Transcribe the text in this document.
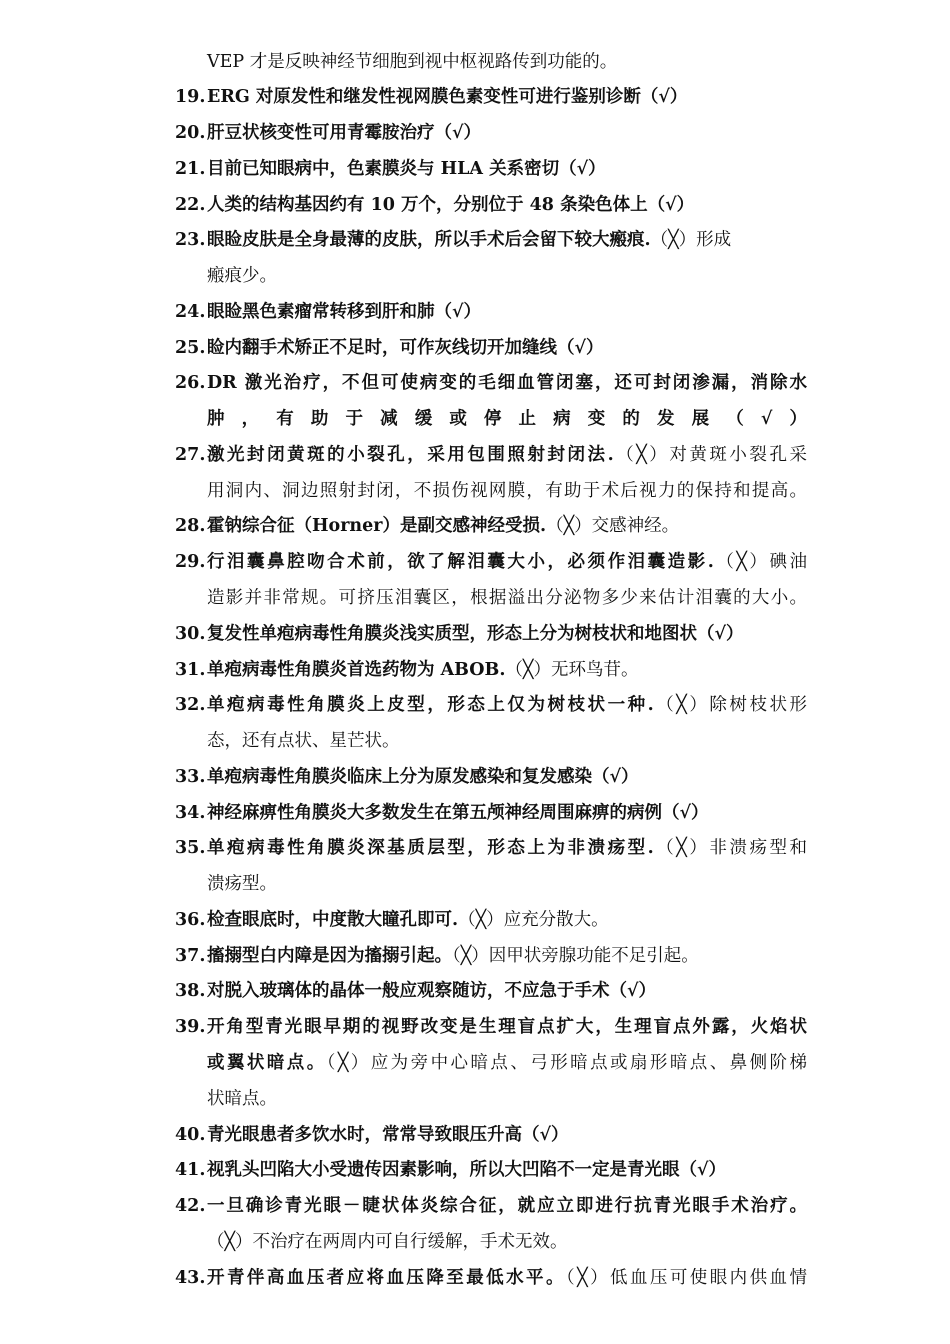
VEP 才是反映神经节细胞到视中枢视路传到功能的。
19. ERG 对原发性和继发性视网膜色素变性可进行鉴别诊断（√）
20. 肝豆状核变性可用青霉胺治疗（√）
21. 目前已知眼病中，色素膜炎与 HLA 关系密切（√）
22. 人类的结构基因约有 10 万个，分别位于 48 条染色体上（√）
23. 眼睑皮肤是全身最薄的皮肤，所以手术后会留下较大瘢痕.（╳）形成
瘢痕少。
24. 眼睑黑色素瘤常转移到肝和肺（√）
25. 睑内翻手术矫正不足时，可作灰线切开加缝线（√）
26. DR 激光治疗，不但可使病变的毛细血管闭塞，还可封闭渗漏，消除水
肿，有助于减缓或停止病变的发展（√）
27. 激光封闭黄斑的小裂孔，采用包围照射封闭法.（╳）对黄斑小裂孔采
用洞内、洞边照射封闭，不损伤视网膜，有助于术后视力的保持和提高。
28. 霍钠综合征（Horner）是副交感神经受损.（╳）交感神经。
29. 行泪囊鼻腔吻合术前，欲了解泪囊大小，必须作泪囊造影.（╳）碘油
造影并非常规。可挤压泪囊区，根据溢出分泌物多少来估计泪囊的大小。
30. 复发性单疱病毒性角膜炎浅实质型，形态上分为树枝状和地图状（√）
31. 单疱病毒性角膜炎首选药物为 ABOB.（╳）无环鸟苷。
32. 单疱病毒性角膜炎上皮型，形态上仅为树枝状一种.（╳）除树枝状形
态，还有点状、星芒状。
33. 单疱病毒性角膜炎临床上分为原发感染和复发感染（√）
34. 神经麻痹性角膜炎大多数发生在第五颅神经周围麻痹的病例（√）
35. 单疱病毒性角膜炎深基质层型，形态上为非溃疡型.（╳）非溃疡型和
溃疡型。
36. 检查眼底时，中度散大瞳孔即可.（╳）应充分散大。
37. 搐搦型白内障是因为搐搦引起。（╳）因甲状旁腺功能不足引起。
38. 对脱入玻璃体的晶体一般应观察随访，不应急于手术（√）
39. 开角型青光眼早期的视野改变是生理盲点扩大，生理盲点外露，火焰状
或翼状暗点。（╳）应为旁中心暗点、弓形暗点或扇形暗点、鼻侧阶梯
状暗点。
40. 青光眼患者多饮水时，常常导致眼压升高（√）
41. 视乳头凹陷大小受遗传因素影响，所以大凹陷不一定是青光眼（√）
42. 一旦确诊青光眼－睫状体炎综合征，就应立即进行抗青光眼手术治疗。
（╳）不治疗在两周内可自行缓解，手术无效。
43. 开青伴高血压者应将血压降至最低水平。（╳）低血压可使眼内供血情
